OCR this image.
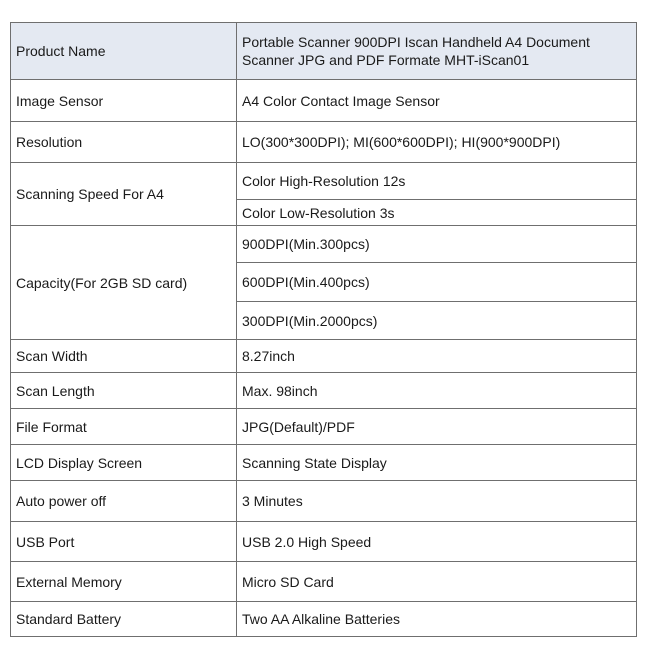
Product Name	Portable Scanner 900DPI Iscan Handheld A4 Document
Scanner JPG and PDF Formate MHT-iScan01

Image Sensor	A4 Color Contact Image Sensor
Resolution	LO(300*300DPI); MI(600*600DPI); HI(900*900DPI)
Scanning Speed For A4	Color High-Resolution 12s
	Color Low-Resolution 3s
Capacity(For 2GB SD card)	900DPI(Min.300pcs)
	600DPI(Min.400pcs)
	300DPI(Min.2000pcs)
Scan Width	8.27inch
Scan Length	Max. 98inch
File Format	JPG(Default)/PDF
LCD Display Screen	Scanning State Display
Auto power off	3 Minutes
USB Port	USB 2.0 High Speed
External Memory	Micro SD Card
Standard Battery	Two AA Alkaline Batteries
